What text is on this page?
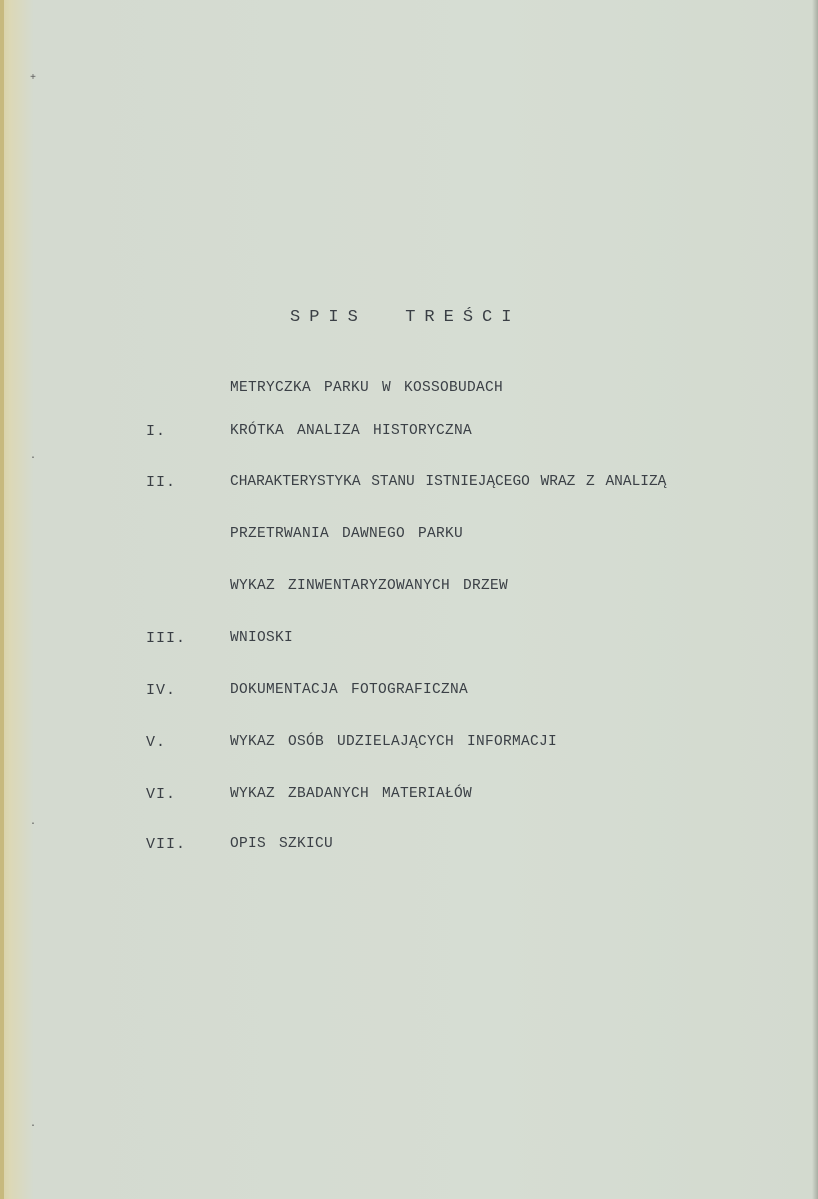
+
·
·
·
SPIS  TREŚCI
METRYCZKA PARKU W KOSSOBUDACH
I.	KRÓTKA ANALIZA HISTORYCZNA
II.	CHARAKTERYSTYKA STANU ISTNIEJĄCEGO WRAZ Z ANALIZĄ
PRZETRWANIA DAWNEGO PARKU
WYKAZ ZINWENTARYZOWANYCH DRZEW
III.	WNIOSKI
IV.	DOKUMENTACJA FOTOGRAFICZNA
V.	WYKAZ OSÓB UDZIELAJĄCYCH INFORMACJI
VI.	WYKAZ ZBADANYCH MATERIAŁÓW
VII.	OPIS SZKICU
